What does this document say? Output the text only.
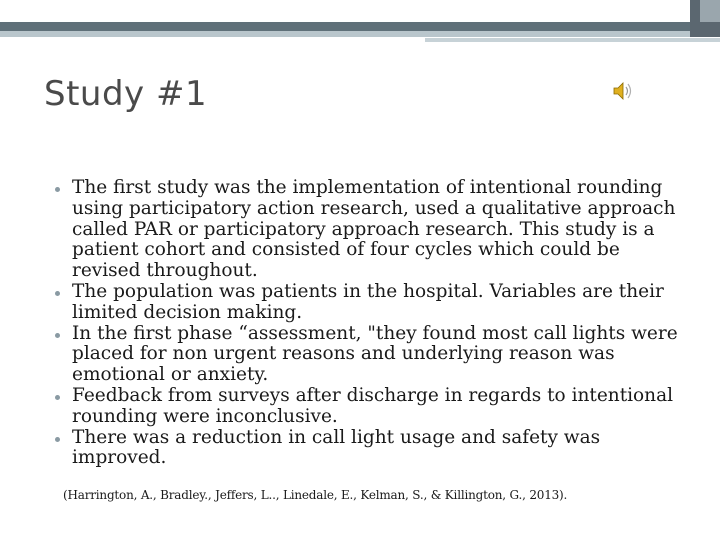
Study #1
The first study was the implementation of intentional rounding using participatory action research, used a qualitative approach called PAR or participatory approach research. This study is a patient cohort and consisted of four cycles which could be revised throughout.
The population was patients in the hospital. Variables are their limited decision making.
In the first phase “assessment, "they found most call lights were placed for non urgent reasons and underlying reason was emotional or anxiety.
Feedback from surveys after discharge in regards to intentional rounding were inconclusive.
There was a reduction in call light usage and safety was improved.
(Harrington, A., Bradley., Jeffers, L.., Linedale, E., Kelman, S., & Killington, G., 2013).
